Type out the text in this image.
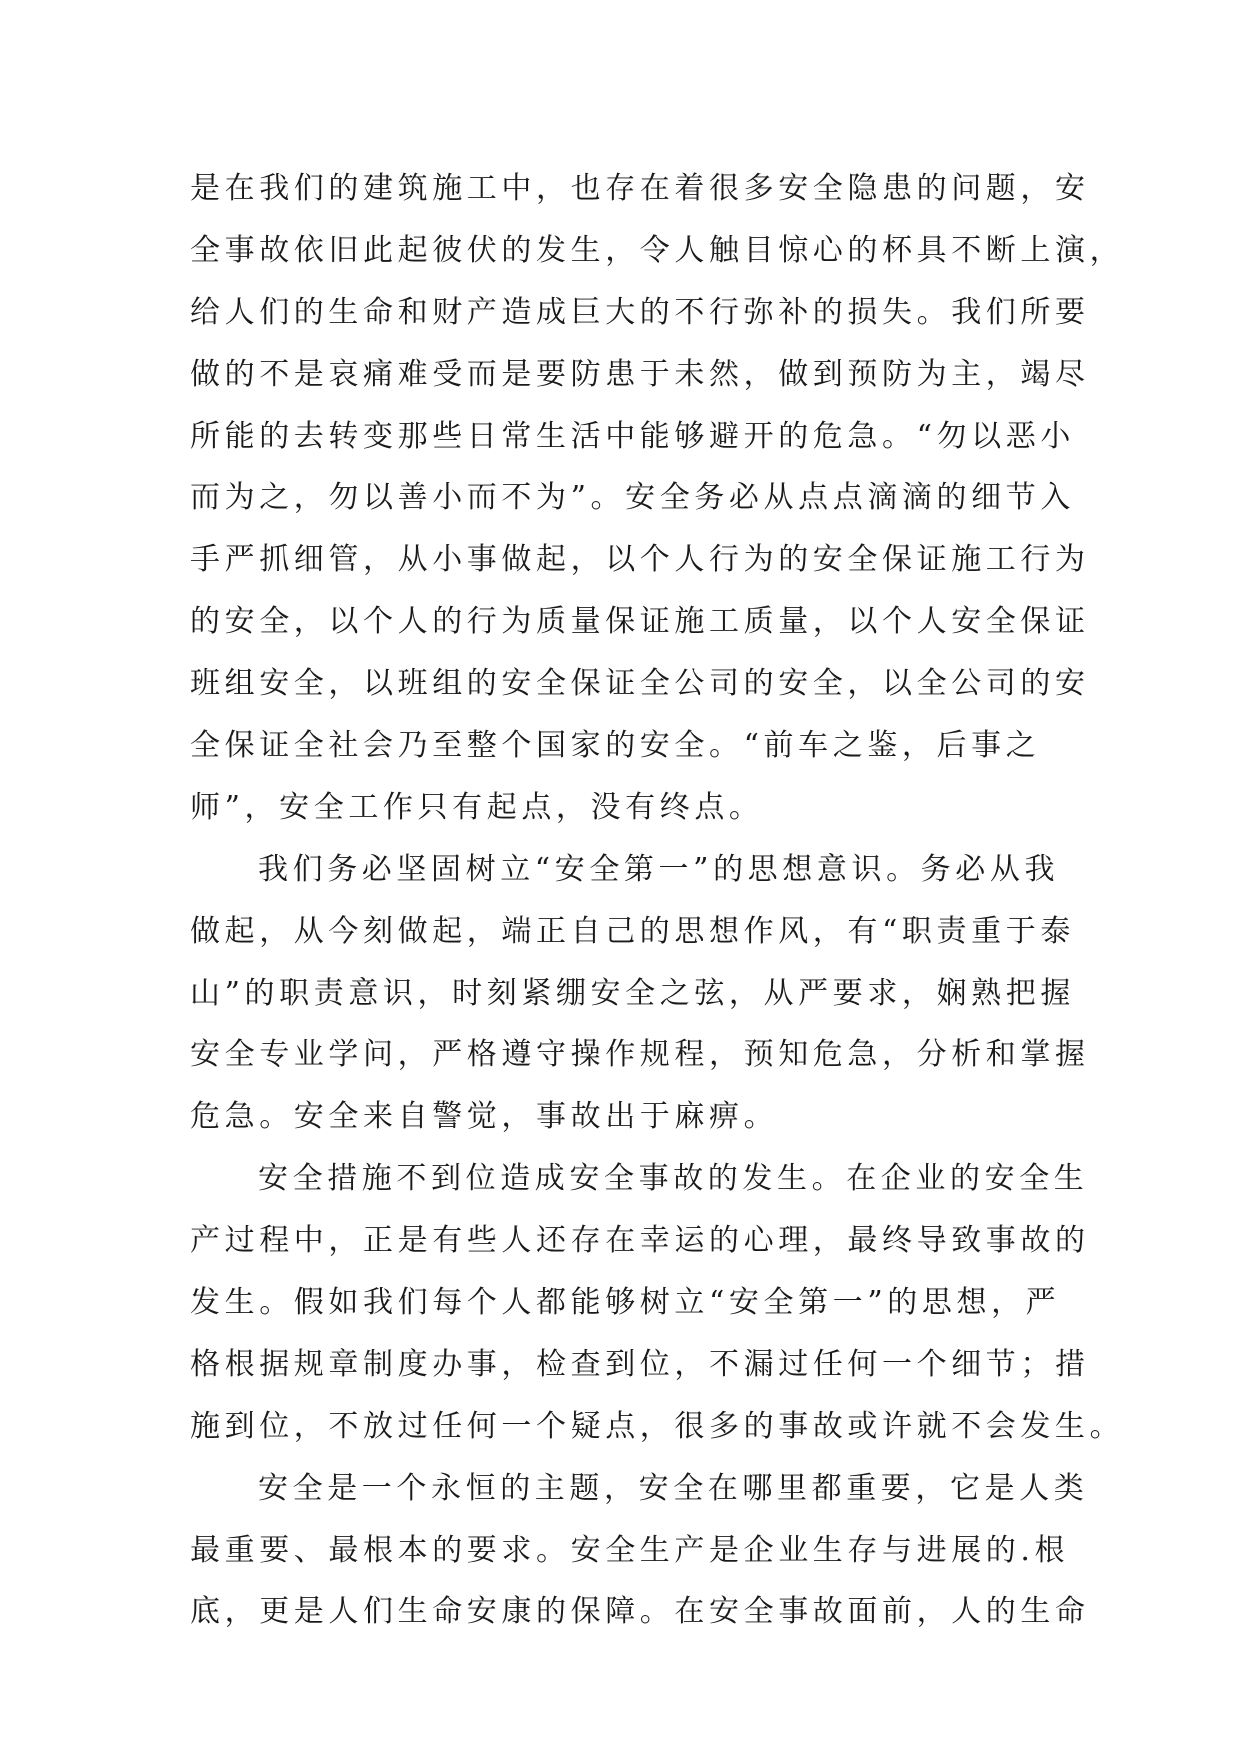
是在我们的建筑施工中，也存在着很多安全隐患的问题，安
全事故依旧此起彼伏的发生，令人触目惊心的杯具不断上演，
给人们的生命和财产造成巨大的不行弥补的损失。我们所要
做的不是哀痛难受而是要防患于未然，做到预防为主，竭尽
所能的去转变那些日常生活中能够避开的危急。“勿以恶小
而为之，勿以善小而不为”。安全务必从点点滴滴的细节入
手严抓细管，从小事做起，以个人行为的安全保证施工行为
的安全，以个人的行为质量保证施工质量，以个人安全保证
班组安全，以班组的安全保证全公司的安全，以全公司的安
全保证全社会乃至整个国家的安全。“前车之鉴，后事之
师”，安全工作只有起点，没有终点。
我们务必坚固树立“安全第一”的思想意识。务必从我
做起，从今刻做起，端正自己的思想作风，有“职责重于泰
山”的职责意识，时刻紧绷安全之弦，从严要求，娴熟把握
安全专业学问，严格遵守操作规程，预知危急，分析和掌握
危急。安全来自警觉，事故出于麻痹。
安全措施不到位造成安全事故的发生。在企业的安全生
产过程中，正是有些人还存在幸运的心理，最终导致事故的
发生。假如我们每个人都能够树立“安全第一”的思想，严
格根据规章制度办事，检查到位，不漏过任何一个细节；措
施到位，不放过任何一个疑点，很多的事故或许就不会发生。
安全是一个永恒的主题，安全在哪里都重要，它是人类
最重要、最根本的要求。安全生产是企业生存与进展的.根
底，更是人们生命安康的保障。在安全事故面前，人的生命
